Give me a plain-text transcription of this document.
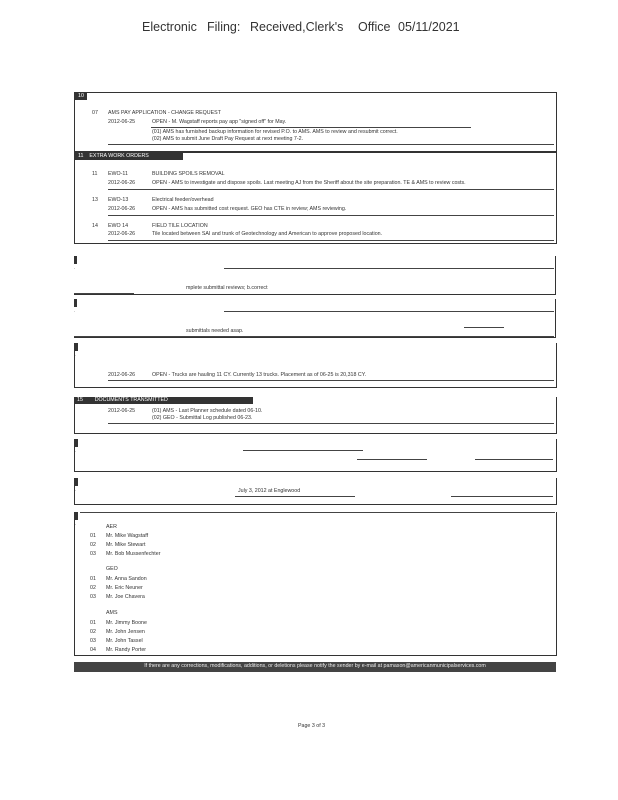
Electronic Filing: Received,Clerk's Office 05/11/2021
10
07 AMS PAY APPLICATION - CHANGE REQUEST
2012-06-25	OPEN - M. Wagstaff reports pay app "signed off" for May.
(01) AMS has furnished backup information for revised P.O. to AMS. AMS to review and resubmit correct.
(02) AMS to submit June Draft Pay Request at next meeting 7-2.
11 EXTRA WORK ORDERS
11 EWO-11	BUILDING SPOILS REMOVAL
2012-06-26	OPEN - AMS to investigate and dispose spoils. Last meeting AJ from the Sheriff about the site preparation. TE & AMS to review costs.
13 EWO-13	Electrical feeder/overhead
2012-06-26	OPEN - AMS has submitted cost request. GEO has CTE in review; AMS reviewing.
14 EWO 14	FIELD TILE LOCATION
2012-06-26	Tile located between SAI and trunk of Geotechnology and American to approve proposed location.
12
mplete submittal reviews; b.correct
13
submittals needed asap.
14
2012-06-26	OPEN - Trucks are hauling 11 CY. Currently 13 trucks. Placement as of 06-25 is 20,318 CY.
15 DOCUMENTS TRANSMITTED
2012-06-25	(01) AMS - Last Planner schedule dated 06-10.
(02) GEO - Submittal Log published 06-23.
16
17	July 3, 2012 at Englewood
18	AER
01 Mr. Mike Wagstaff
02 Mr. Mike Stewart
03 Mr. Bob Mussenfechter
GEO
01 Mr. Anna Sandon
02 Mr. Eric Neuner
03 Mr. Joe Chavera
AMS
01 Mr. Jimmy Boone
02 Mr. John Jensen
03 Mr. John Tassel
04 Mr. Randy Porter
If there are any corrections, modifications, additions, or deletions please notify the sender by e-mail at pamason@americanmunicipalservices.com
Page 3 of 3
